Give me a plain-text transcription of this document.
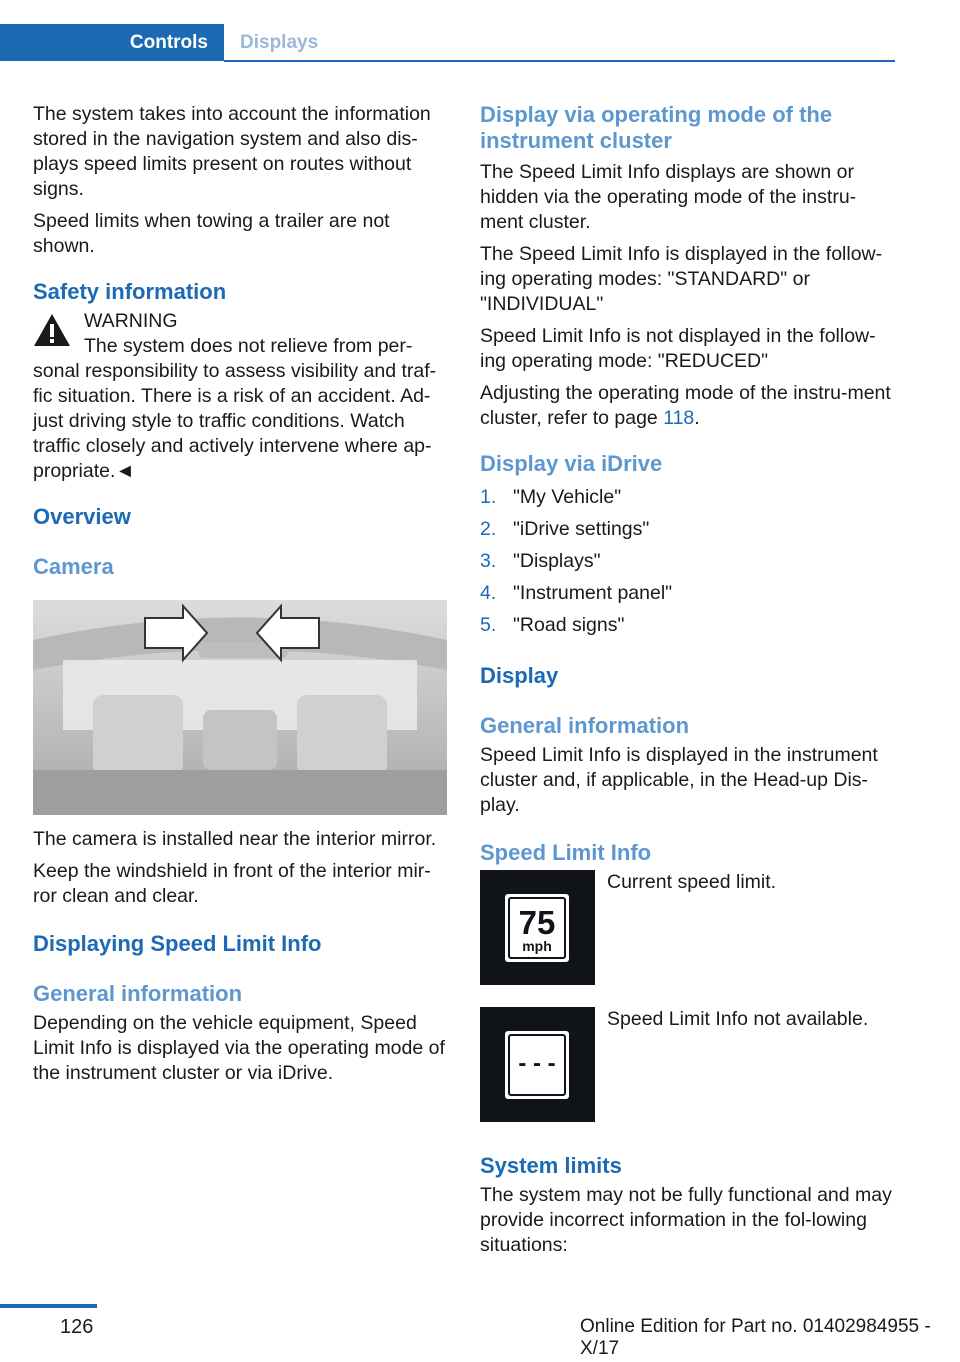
Controls	Displays

The system takes into account the information stored in the navigation system and also dis-plays speed limits present on routes without signs.

Speed limits when towing a trailer are not shown.

Safety information
WARNING
The system does not relieve from per-
sonal responsibility to assess visibility and traf-fic situation. There is a risk of an accident. Ad-just driving style to traffic conditions. Watch traffic closely and actively intervene where ap-propriate.◄
Overview
Camera

The camera is installed near the interior mirror.

Keep the windshield in front of the interior mir-ror clean and clear.

Displaying Speed Limit Info
General information

Depending on the vehicle equipment, Speed Limit Info is displayed via the operating mode of the instrument cluster or via iDrive.

Display via operating mode of the instrument cluster

The Speed Limit Info displays are shown or hidden via the operating mode of the instru-ment cluster.

The Speed Limit Info is displayed in the follow-ing operating modes: "STANDARD" or "INDIVIDUAL"

Speed Limit Info is not displayed in the follow-ing operating mode: "REDUCED"

Adjusting the operating mode of the instru-ment cluster, refer to page 118.

Display via iDrive
1. "My Vehicle"
2. "iDrive settings"
3. "Displays"
4. "Instrument panel"
5. "Road signs"
Display
General information

Speed Limit Info is displayed in the instrument cluster and, if applicable, in the Head-up Dis-play.

Speed Limit Info
75
mph
Current speed limit.
- - -
Speed Limit Info not available.
System limits

The system may not be fully functional and may provide incorrect information in the fol-lowing situations:

126	Online Edition for Part no. 01402984955 - X/17
